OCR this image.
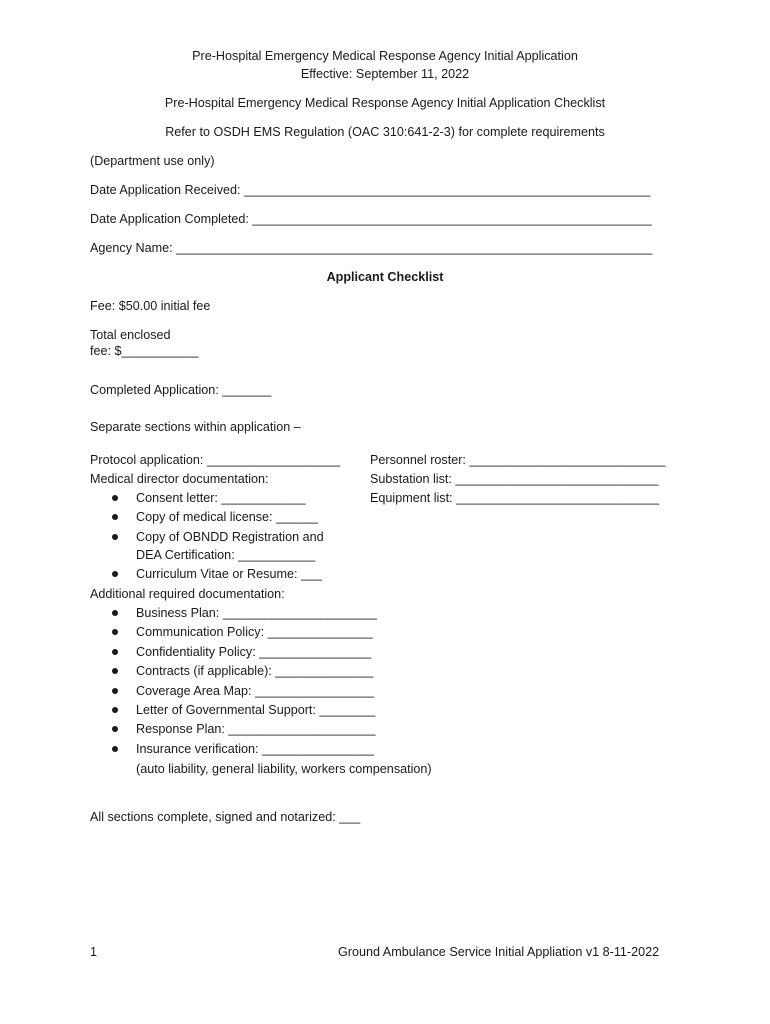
Pre-Hospital Emergency Medical Response Agency Initial Application
Effective: September 11, 2022
Pre-Hospital Emergency Medical Response Agency Initial Application Checklist
Refer to OSDH EMS Regulation (OAC 310:641-2-3) for complete requirements
(Department use only)
Date Application Received: __________________________________________________________
Date Application Completed: _________________________________________________________
Agency Name: ____________________________________________________________________
Applicant Checklist
Fee: $50.00 initial fee
Total enclosed
fee: $___________
Completed Application: _______
Separate sections within application –
Protocol application: ___________________
Medical director documentation:
Personnel roster: ____________________________
Substation list: _____________________________
Equipment list: _____________________________
Consent letter: ____________
Copy of medical license: ______
Copy of OBNDD Registration and
DEA Certification: ___________
Curriculum Vitae or Resume: ___
Additional required documentation:
Business Plan: ______________________
Communication Policy: _______________
Confidentiality Policy: ________________
Contracts (if applicable): ______________
Coverage Area Map: _________________
Letter of Governmental Support: ________
Response Plan: _____________________
Insurance verification: ________________
(auto liability, general liability, workers compensation)
All sections complete, signed and notarized: ___
1	Ground Ambulance Service Initial Appliation v1 8-11-2022
